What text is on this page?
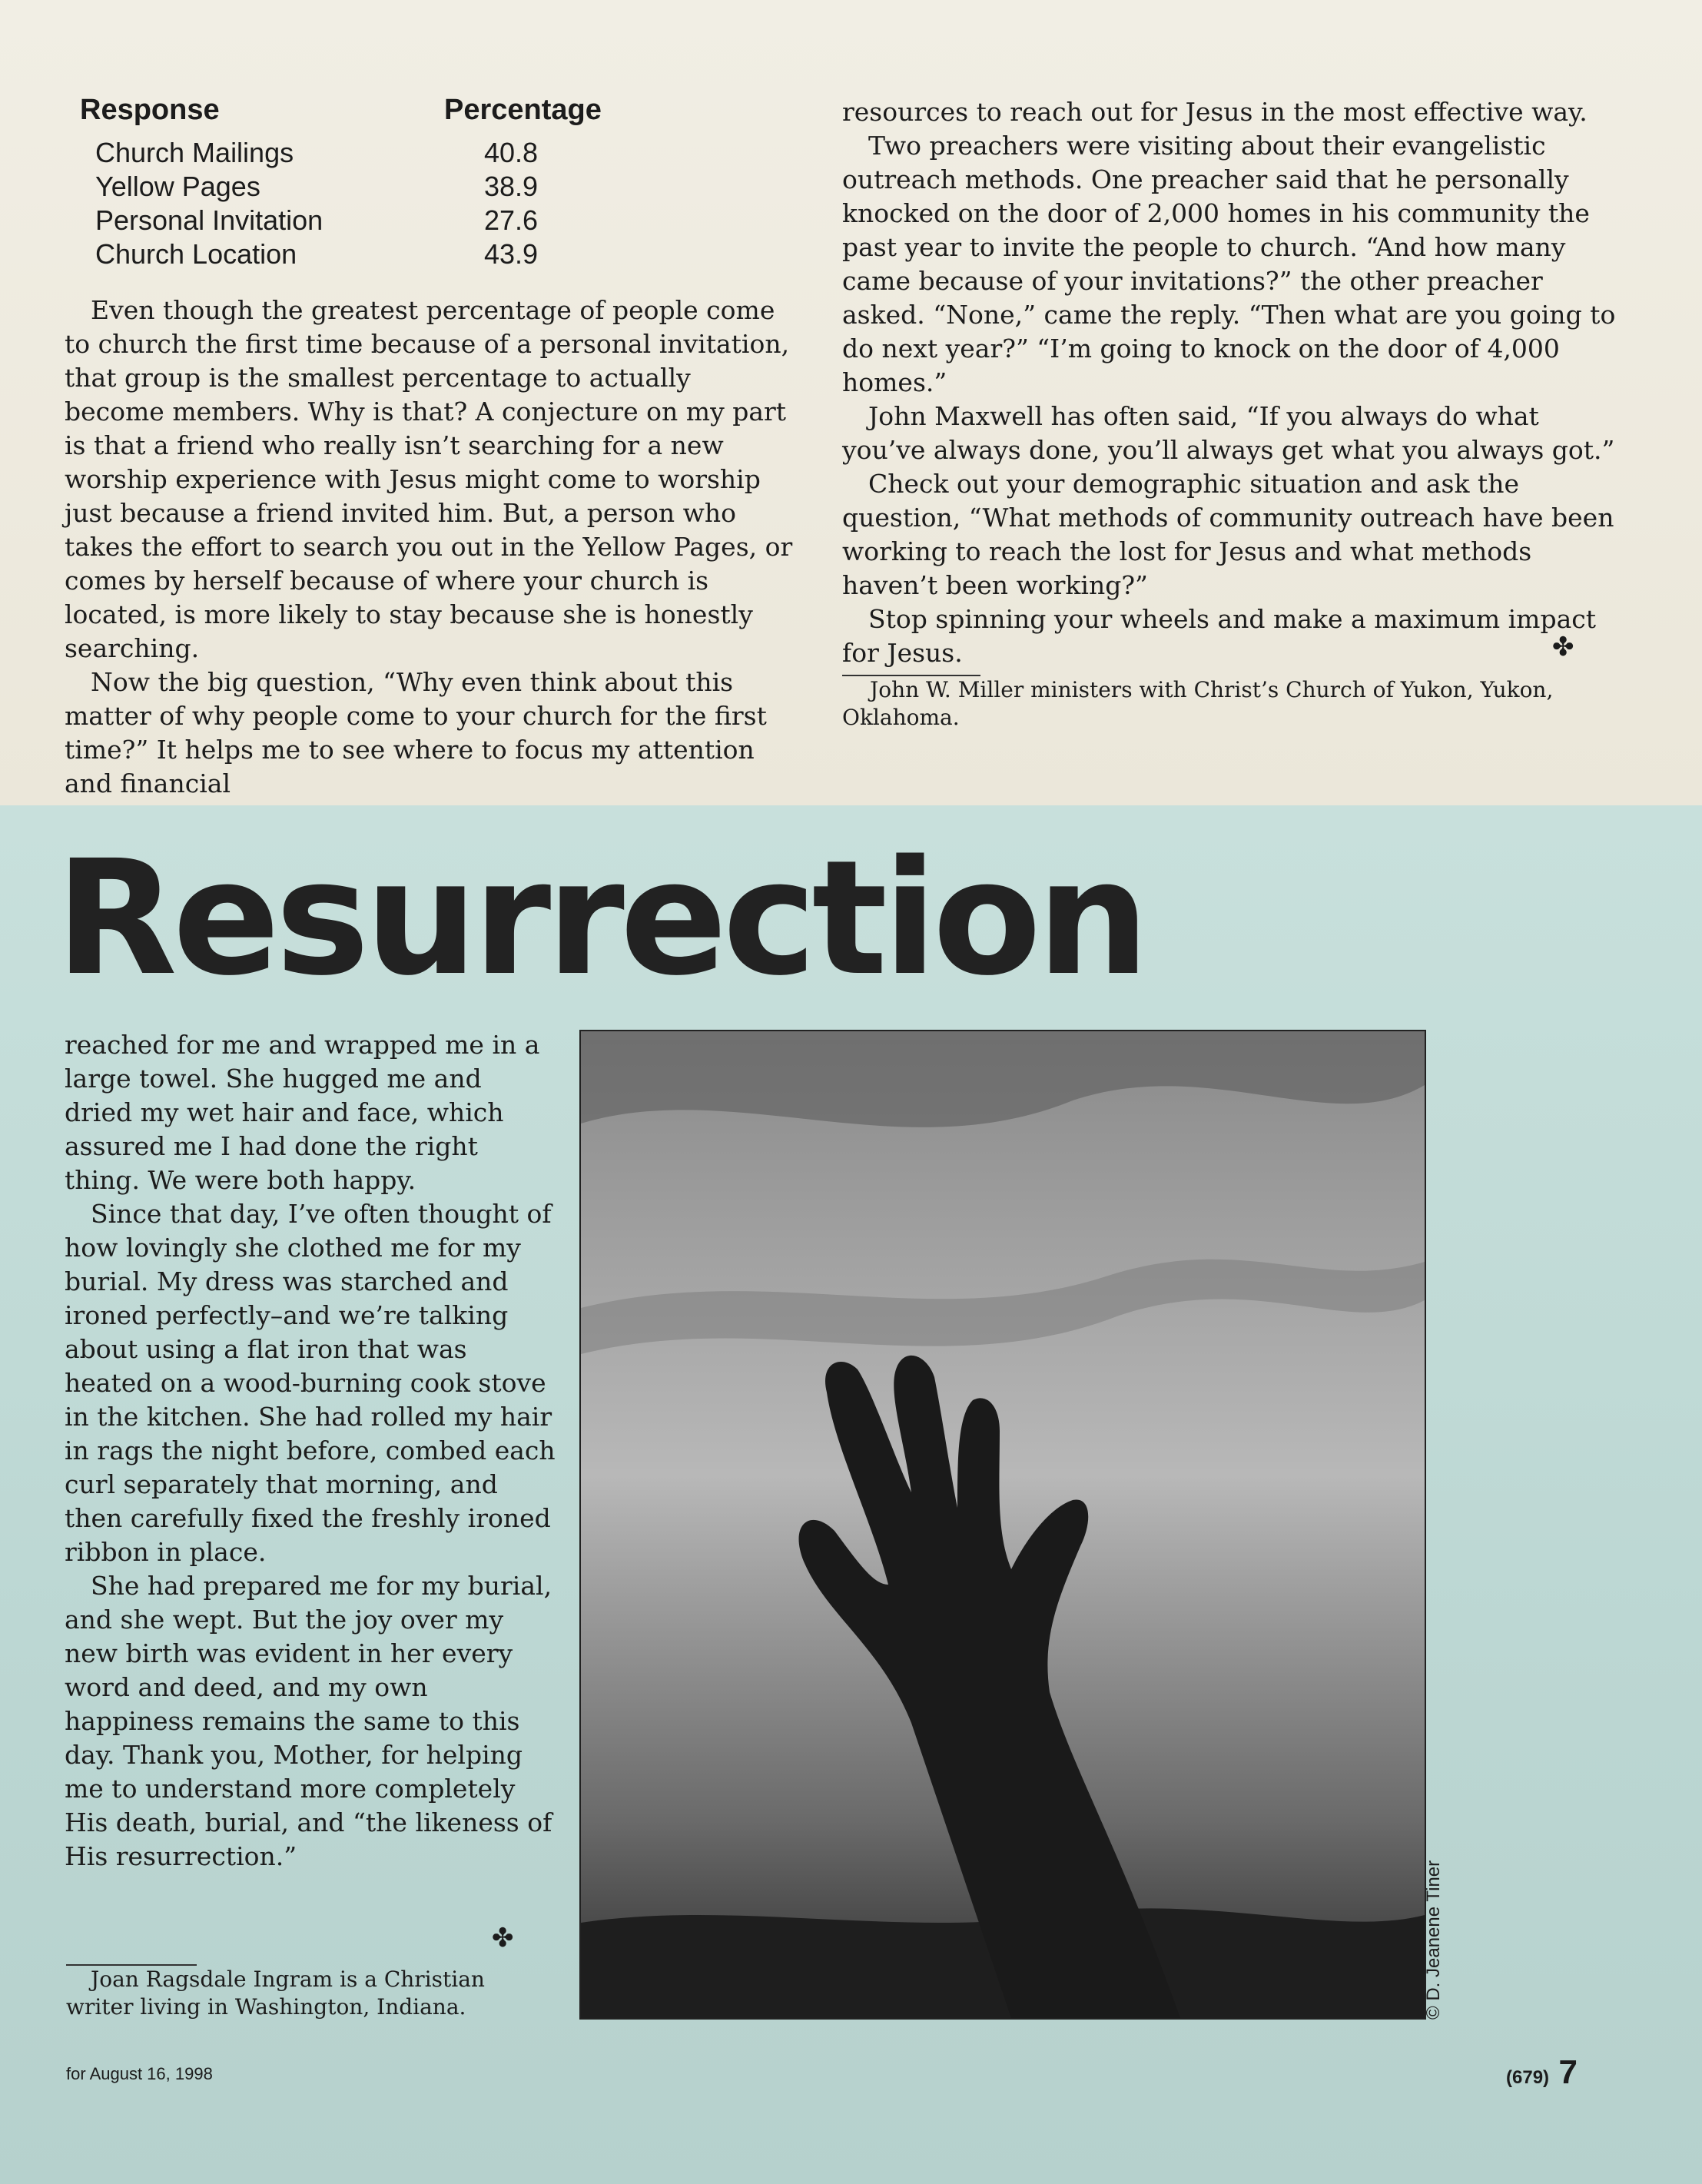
Response	Percentage
Church Mailings	40.8
Yellow Pages	38.9
Personal Invitation	27.6
Church Location	43.9

Even though the greatest percentage of people come to church the first time because of a personal invitation, that group is the smallest percentage to actually become members. Why is that? A conjecture on my part is that a friend who really isn’t searching for a new worship experience with Jesus might come to worship just because a friend invited him. But, a person who takes the effort to search you out in the Yellow Pages, or comes by herself because of where your church is located, is more likely to stay because she is honestly searching.

Now the big question, “Why even think about this matter of why people come to your church for the first time?” It helps me to see where to focus my attention and financial

resources to reach out for Jesus in the most effective way.

Two preachers were visiting about their evangelistic outreach methods. One preacher said that he personally knocked on the door of 2,000 homes in his community the past year to invite the people to church. “And how many came because of your invitations?” the other preacher asked. “None,” came the reply. “Then what are you going to do next year?” “I’m going to knock on the door of 4,000 homes.”

John Maxwell has often said, “If you always do what you’ve always done, you’ll always get what you always got.”

Check out your demographic situation and ask the question, “What methods of community outreach have been working to reach the lost for Jesus and what methods haven’t been working?”

Stop spinning your wheels and make a maximum impact for Jesus.	✤

John W. Miller ministers with Christ’s Church of Yukon, Yukon, Oklahoma.

Resurrection

reached for me and wrapped me in a large towel. She hugged me and dried my wet hair and face, which assured me I had done the right thing. We were both happy.

Since that day, I’ve often thought of how lovingly she clothed me for my burial. My dress was starched and ironed perfectly–and we’re talking about using a flat iron that was heated on a wood-burning cook stove in the kitchen. She had rolled my hair in rags the night before, combed each curl separately that morning, and then carefully fixed the freshly ironed ribbon in place.

She had prepared me for my burial, and she wept. But the joy over my new birth was evident in her every word and deed, and my own happiness remains the same to this day. Thank you, Mother, for helping me to understand more completely His death, burial, and “the likeness of His resurrection.”

✤

Joan Ragsdale Ingram is a Christian writer living in Washington, Indiana.	© D. Jeanene Tiner
for August 16, 1998	(679) 7
